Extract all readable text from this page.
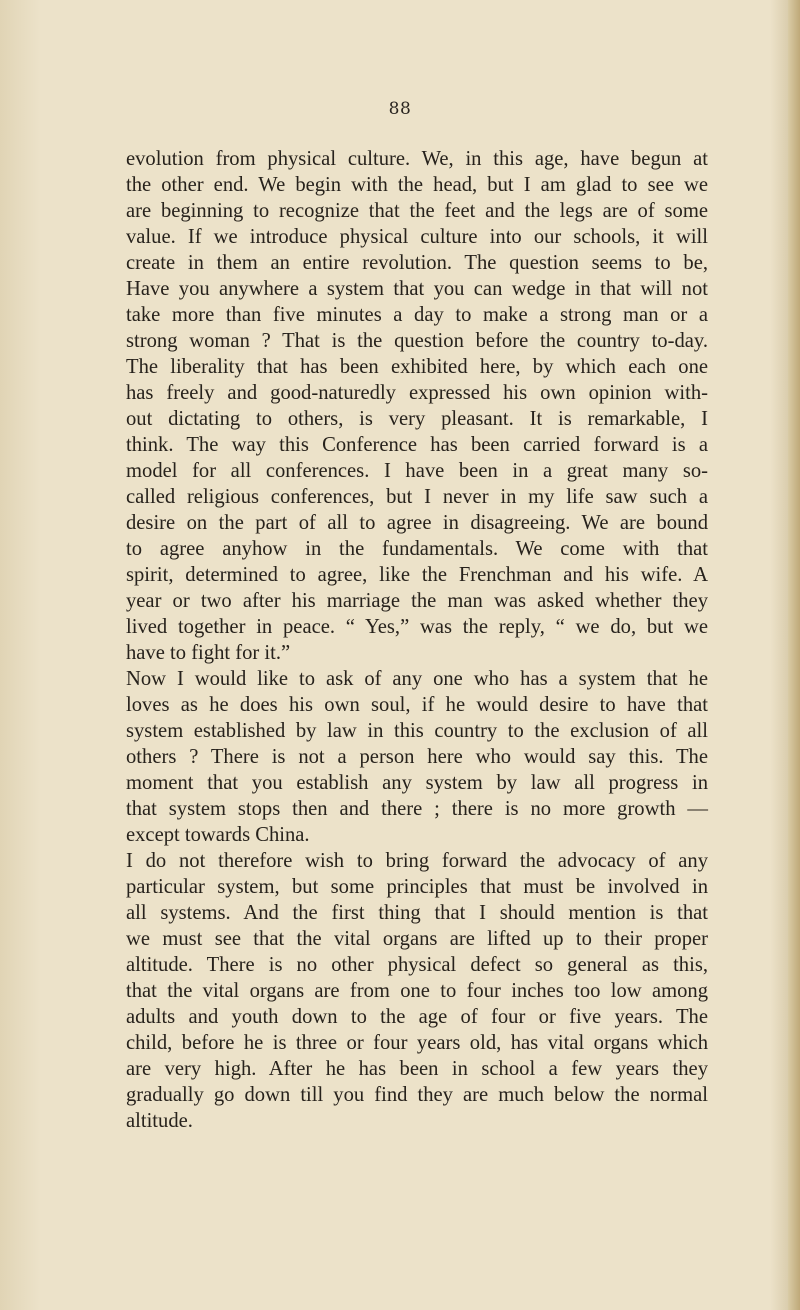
88
evolution from physical culture. We, in this age, have begun at
the other end. We begin with the head, but I am glad to see we
are beginning to recognize that the feet and the legs are of some
value. If we introduce physical culture into our schools, it will
create in them an entire revolution. The question seems to be,
Have you anywhere a system that you can wedge in that will not
take more than five minutes a day to make a strong man or a
strong woman ? That is the question before the country to-day.
The liberality that has been exhibited here, by which each one
has freely and good-naturedly expressed his own opinion with-
out dictating to others, is very pleasant. It is remarkable, I
think. The way this Conference has been carried forward is a
model for all conferences. I have been in a great many so-
called religious conferences, but I never in my life saw such a
desire on the part of all to agree in disagreeing. We are bound
to agree anyhow in the fundamentals. We come with that
spirit, determined to agree, like the Frenchman and his wife. A
year or two after his marriage the man was asked whether they
lived together in peace. “ Yes,” was the reply, “ we do, but we
have to fight for it.”
Now I would like to ask of any one who has a system that he
loves as he does his own soul, if he would desire to have that
system established by law in this country to the exclusion of all
others ? There is not a person here who would say this. The
moment that you establish any system by law all progress in
that system stops then and there ; there is no more growth —
except towards China.
I do not therefore wish to bring forward the advocacy of any
particular system, but some principles that must be involved in
all systems. And the first thing that I should mention is that
we must see that the vital organs are lifted up to their proper
altitude. There is no other physical defect so general as this,
that the vital organs are from one to four inches too low among
adults and youth down to the age of four or five years. The
child, before he is three or four years old, has vital organs which
are very high. After he has been in school a few years they
gradually go down till you find they are much below the normal
altitude.
